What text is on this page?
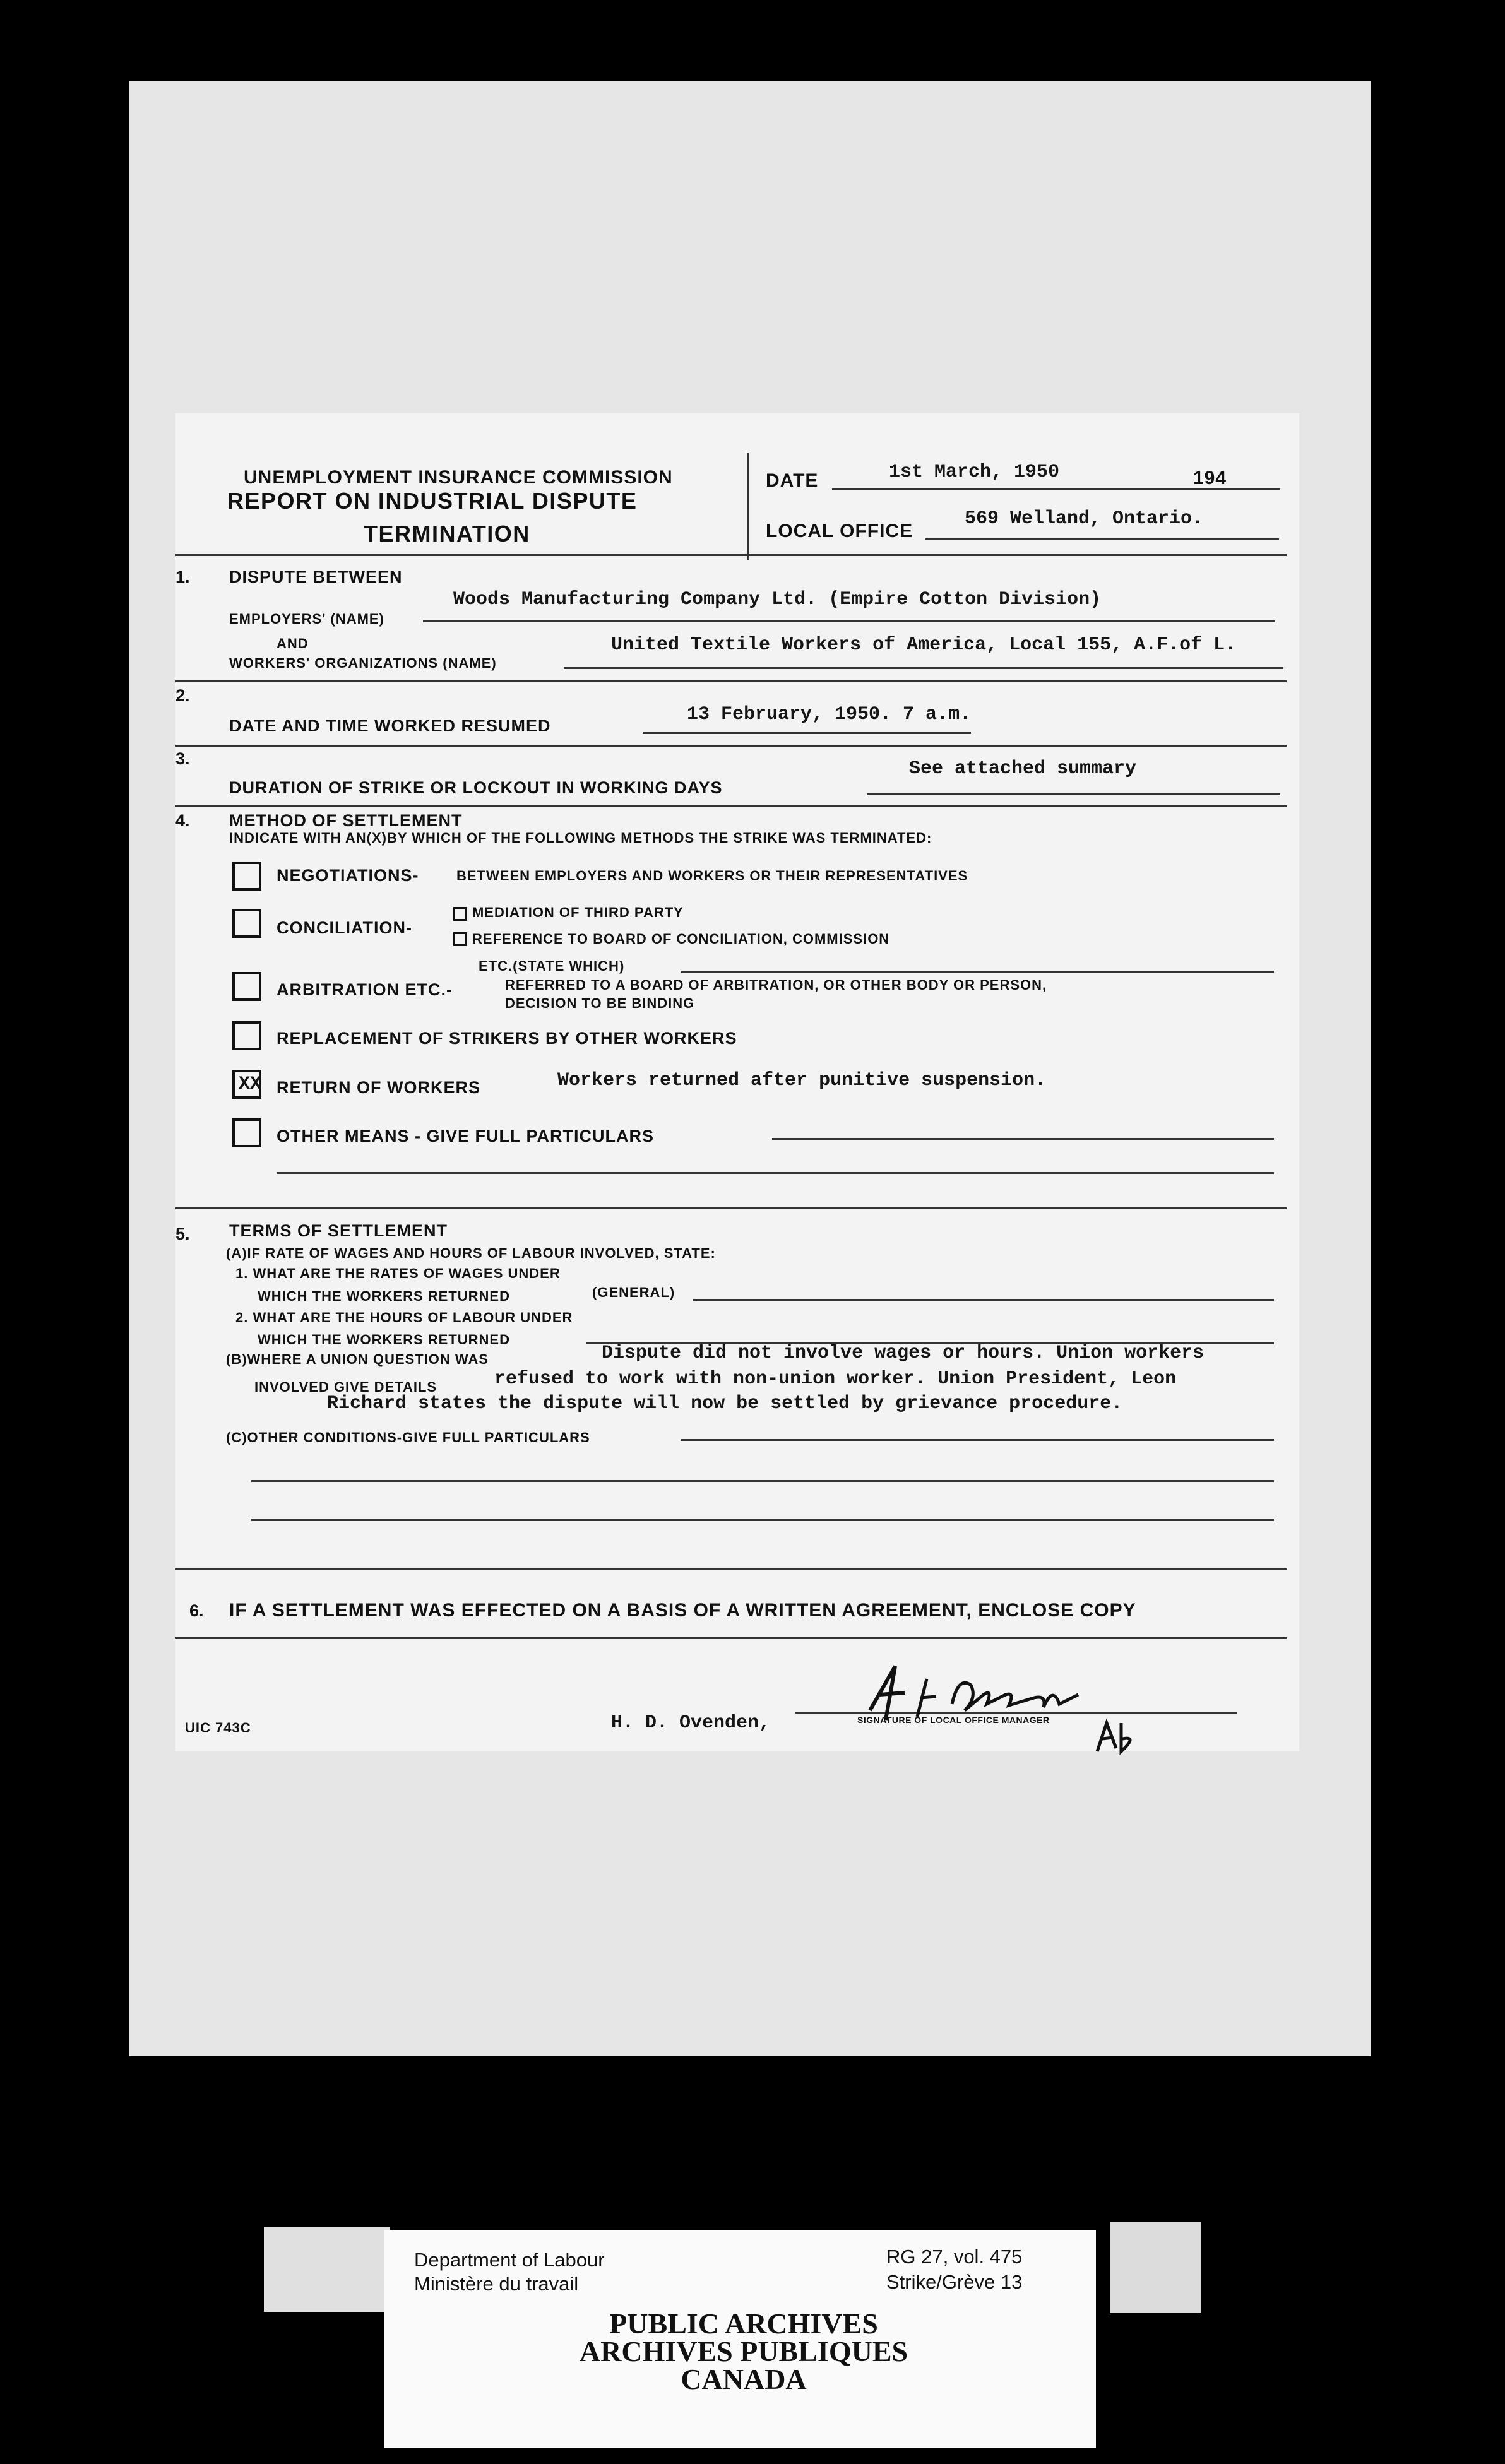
UNEMPLOYMENT INSURANCE COMMISSION
REPORT ON INDUSTRIAL DISPUTE
TERMINATION
DATE	1st March, 1950	194
LOCAL OFFICE
569 Welland, Ontario.
1. DISPUTE BETWEEN
EMPLOYERS' (NAME)
Woods Manufacturing Company Ltd. (Empire Cotton Division)
AND
WORKERS' ORGANIZATIONS (NAME)
United Textile Workers of America, Local 155, A.F.of L.
2.
DATE AND TIME WORKED RESUMED
13 February, 1950. 7 a.m.
3.
DURATION OF STRIKE OR LOCKOUT IN WORKING DAYS
See attached summary
4. METHOD OF SETTLEMENT
INDICATE WITH AN(X)BY WHICH OF THE FOLLOWING METHODS THE STRIKE WAS TERMINATED:
NEGOTIATIONS-	BETWEEN EMPLOYERS AND WORKERS OR THEIR REPRESENTATIVES
CONCILIATION-
MEDIATION OF THIRD PARTY
REFERENCE TO BOARD OF CONCILIATION, COMMISSION
ETC.(STATE WHICH)
ARBITRATION ETC.-	REFERRED TO A BOARD OF ARBITRATION, OR OTHER BODY OR PERSON,
DECISION TO BE BINDING
REPLACEMENT OF STRIKERS BY OTHER WORKERS
XX RETURN OF WORKERS	Workers returned after punitive suspension.
OTHER MEANS - GIVE FULL PARTICULARS
5. TERMS OF SETTLEMENT
(A)IF RATE OF WAGES AND HOURS OF LABOUR INVOLVED, STATE:
1. WHAT ARE THE RATES OF WAGES UNDER
WHICH THE WORKERS RETURNED	(GENERAL)
2. WHAT ARE THE HOURS OF LABOUR UNDER
WHICH THE WORKERS RETURNED
(B)WHERE A UNION QUESTION WAS	Dispute did not involve wages or hours. Union workers
INVOLVED GIVE DETAILS	refused to work with non-union worker. Union President, Leon
Richard states the dispute will now be settled by grievance procedure.
(C)OTHER CONDITIONS-GIVE FULL PARTICULARS
6. IF A SETTLEMENT WAS EFFECTED ON A BASIS OF A WRITTEN AGREEMENT, ENCLOSE COPY
UIC 743C	H. D. Ovenden,	SIGNATURE OF LOCAL OFFICE MANAGER
Department of Labour
Ministère du travail
RG 27, vol. 475
Strike/Grève 13
PUBLIC ARCHIVES
ARCHIVES PUBLIQUES
CANADA
